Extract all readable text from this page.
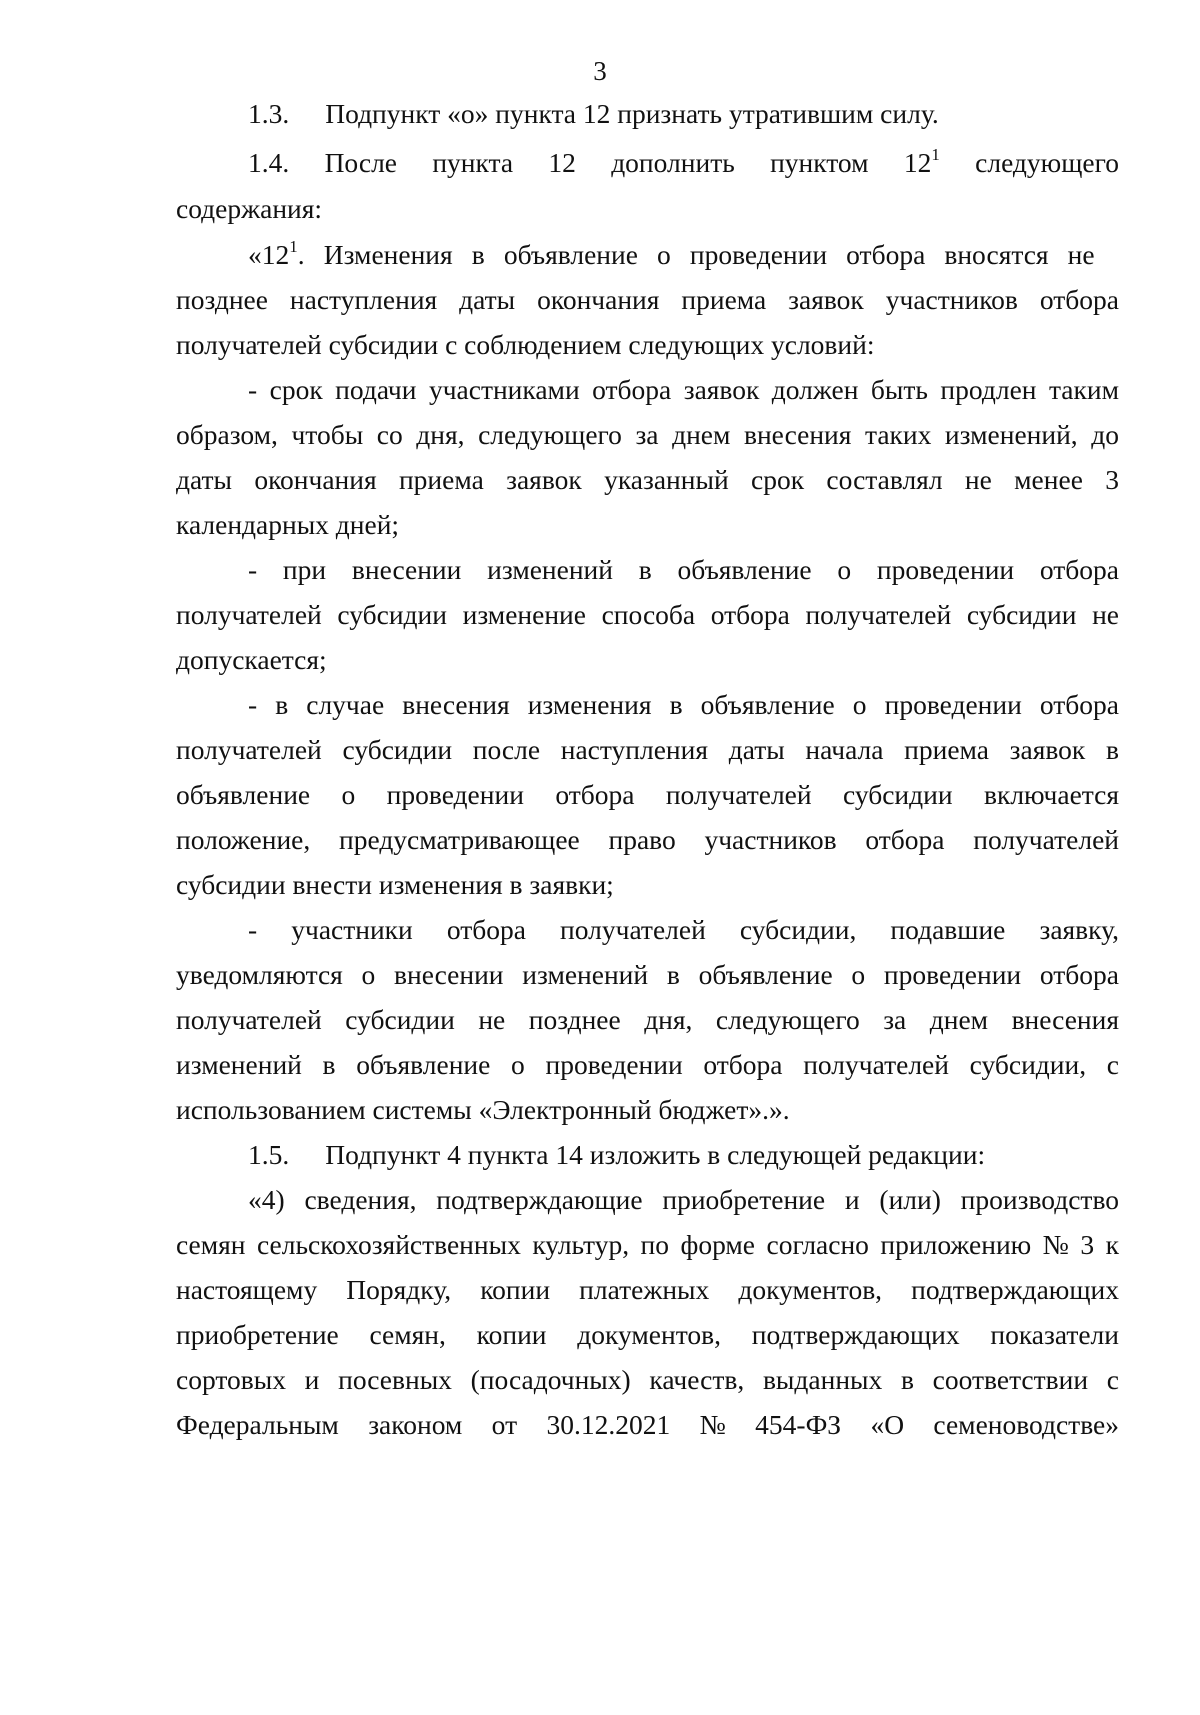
3
1.3. Подпункт «о» пункта 12 признать утратившим силу.
1.4. После пункта 12 дополнить пунктом $12^1$ следующего
содержания:
«$12^1$. Изменения в объявление о проведении отбора вносятся не
позднее наступления даты окончания приема заявок участников отбора
получателей субсидии с соблюдением следующих условий:
- срок подачи участниками отбора заявок должен быть продлен таким
образом, чтобы со дня, следующего за днем внесения таких изменений, до
даты окончания приема заявок указанный срок составлял не менее 3
календарных дней;
- при внесении изменений в объявление о проведении отбора
получателей субсидии изменение способа отбора получателей субсидии не
допускается;
- в случае внесения изменения в объявление о проведении отбора
получателей субсидии после наступления даты начала приема заявок в
объявление о проведении отбора получателей субсидии включается
положение, предусматривающее право участников отбора получателей
субсидии внести изменения в заявки;
- участники отбора получателей субсидии, подавшие заявку,
уведомляются о внесении изменений в объявление о проведении отбора
получателей субсидии не позднее дня, следующего за днем внесения
изменений в объявление о проведении отбора получателей субсидии, с
использованием системы «Электронный бюджет».».
1.5. Подпункт 4 пункта 14 изложить в следующей редакции:
«4) сведения, подтверждающие приобретение и (или) производство
семян сельскохозяйственных культур, по форме согласно приложению № 3 к
настоящему Порядку, копии платежных документов, подтверждающих
приобретение семян, копии документов, подтверждающих показатели
сортовых и посевных (посадочных) качеств, выданных в соответствии с
Федеральным законом от 30.12.2021 № 454-ФЗ «О семеноводстве»
